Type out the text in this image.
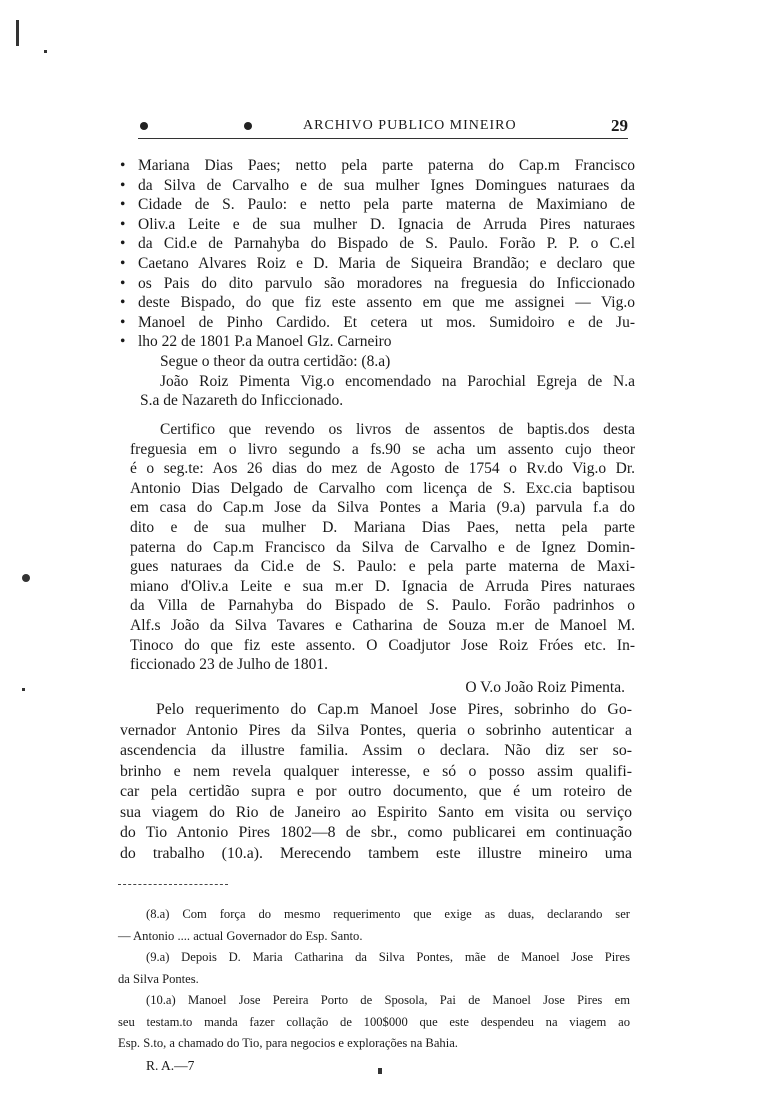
ARCHIVO PUBLICO MINEIRO	29
• Mariana Dias Paes; netto pela parte paterna do Cap.m Francisco
• da Silva de Carvalho e de sua mulher Ignes Domingues naturaes da
• Cidade de S. Paulo: e netto pela parte materna de Maximiano de
• Oliv.a Leite e de sua mulher D. Ignacia de Arruda Pires naturaes
• da Cid.e de Parnahyba do Bispado de S. Paulo. Forão P. P. o C.el
• Caetano Alvares Roiz e D. Maria de Siqueira Brandão; e declaro que
• os Pais do dito parvulo são moradores na freguesia do Inficcionado
• deste Bispado, do que fiz este assento em que me assignei — Vig.o
• Manoel de Pinho Cardido. Et cetera ut mos. Sumidoiro e de Ju-
• lho 22 de 1801 P.a Manoel Glz. Carneiro
Segue o theor da outra certidão: (8.a)
João Roiz Pimenta Vig.o encomendado na Parochial Egreja de N.a
S.a de Nazareth do Inficcionado.
Certifico que revendo os livros de assentos de baptis.dos desta
freguesia em o livro segundo a fs.90 se acha um assento cujo theor
é o seg.te: Aos 26 dias do mez de Agosto de 1754 o Rv.do Vig.o Dr.
Antonio Dias Delgado de Carvalho com licença de S. Exc.cia baptisou
em casa do Cap.m Jose da Silva Pontes a Maria (9.a) parvula f.a do
dito e de sua mulher D. Mariana Dias Paes, netta pela parte
paterna do Cap.m Francisco da Silva de Carvalho e de Ignez Domin-
gues naturaes da Cid.e de S. Paulo: e pela parte materna de Maxi-
miano d'Oliv.a Leite e sua m.er D. Ignacia de Arruda Pires naturaes
da Villa de Parnahyba do Bispado de S. Paulo. Forão padrinhos o
Alf.s João da Silva Tavares e Catharina de Souza m.er de Manoel M.
Tinoco do que fiz este assento. O Coadjutor Jose Roiz Fróes etc. In-
ficcionado 23 de Julho de 1801.
O V.o João Roiz Pimenta.
Pelo requerimento do Cap.m Manoel Jose Pires, sobrinho do Go-
vernador Antonio Pires da Silva Pontes, queria o sobrinho autenticar a
ascendencia da illustre familia. Assim o declara. Não diz ser so-
brinho e nem revela qualquer interesse, e só o posso assim qualifi-
car pela certidão supra e por outro documento, que é um roteiro de
sua viagem do Rio de Janeiro ao Espirito Santo em visita ou serviço
do Tio Antonio Pires 1802—8 de sbr., como publicarei em continuação
do trabalho (10.a). Merecendo tambem este illustre mineiro uma
(8.a) Com força do mesmo requerimento que exige as duas, declarando ser
— Antonio .... actual Governador do Esp. Santo.
(9.a) Depois D. Maria Catharina da Silva Pontes, mãe de Manoel Jose Pires
da Silva Pontes.
(10.a) Manoel Jose Pereira Porto de Sposola, Pai de Manoel Jose Pires em
seu testam.to manda fazer collação de 100$000 que este despendeu na viagem ao
Esp. S.to, a chamado do Tio, para negocios e explorações na Bahia.
R. A.—7
